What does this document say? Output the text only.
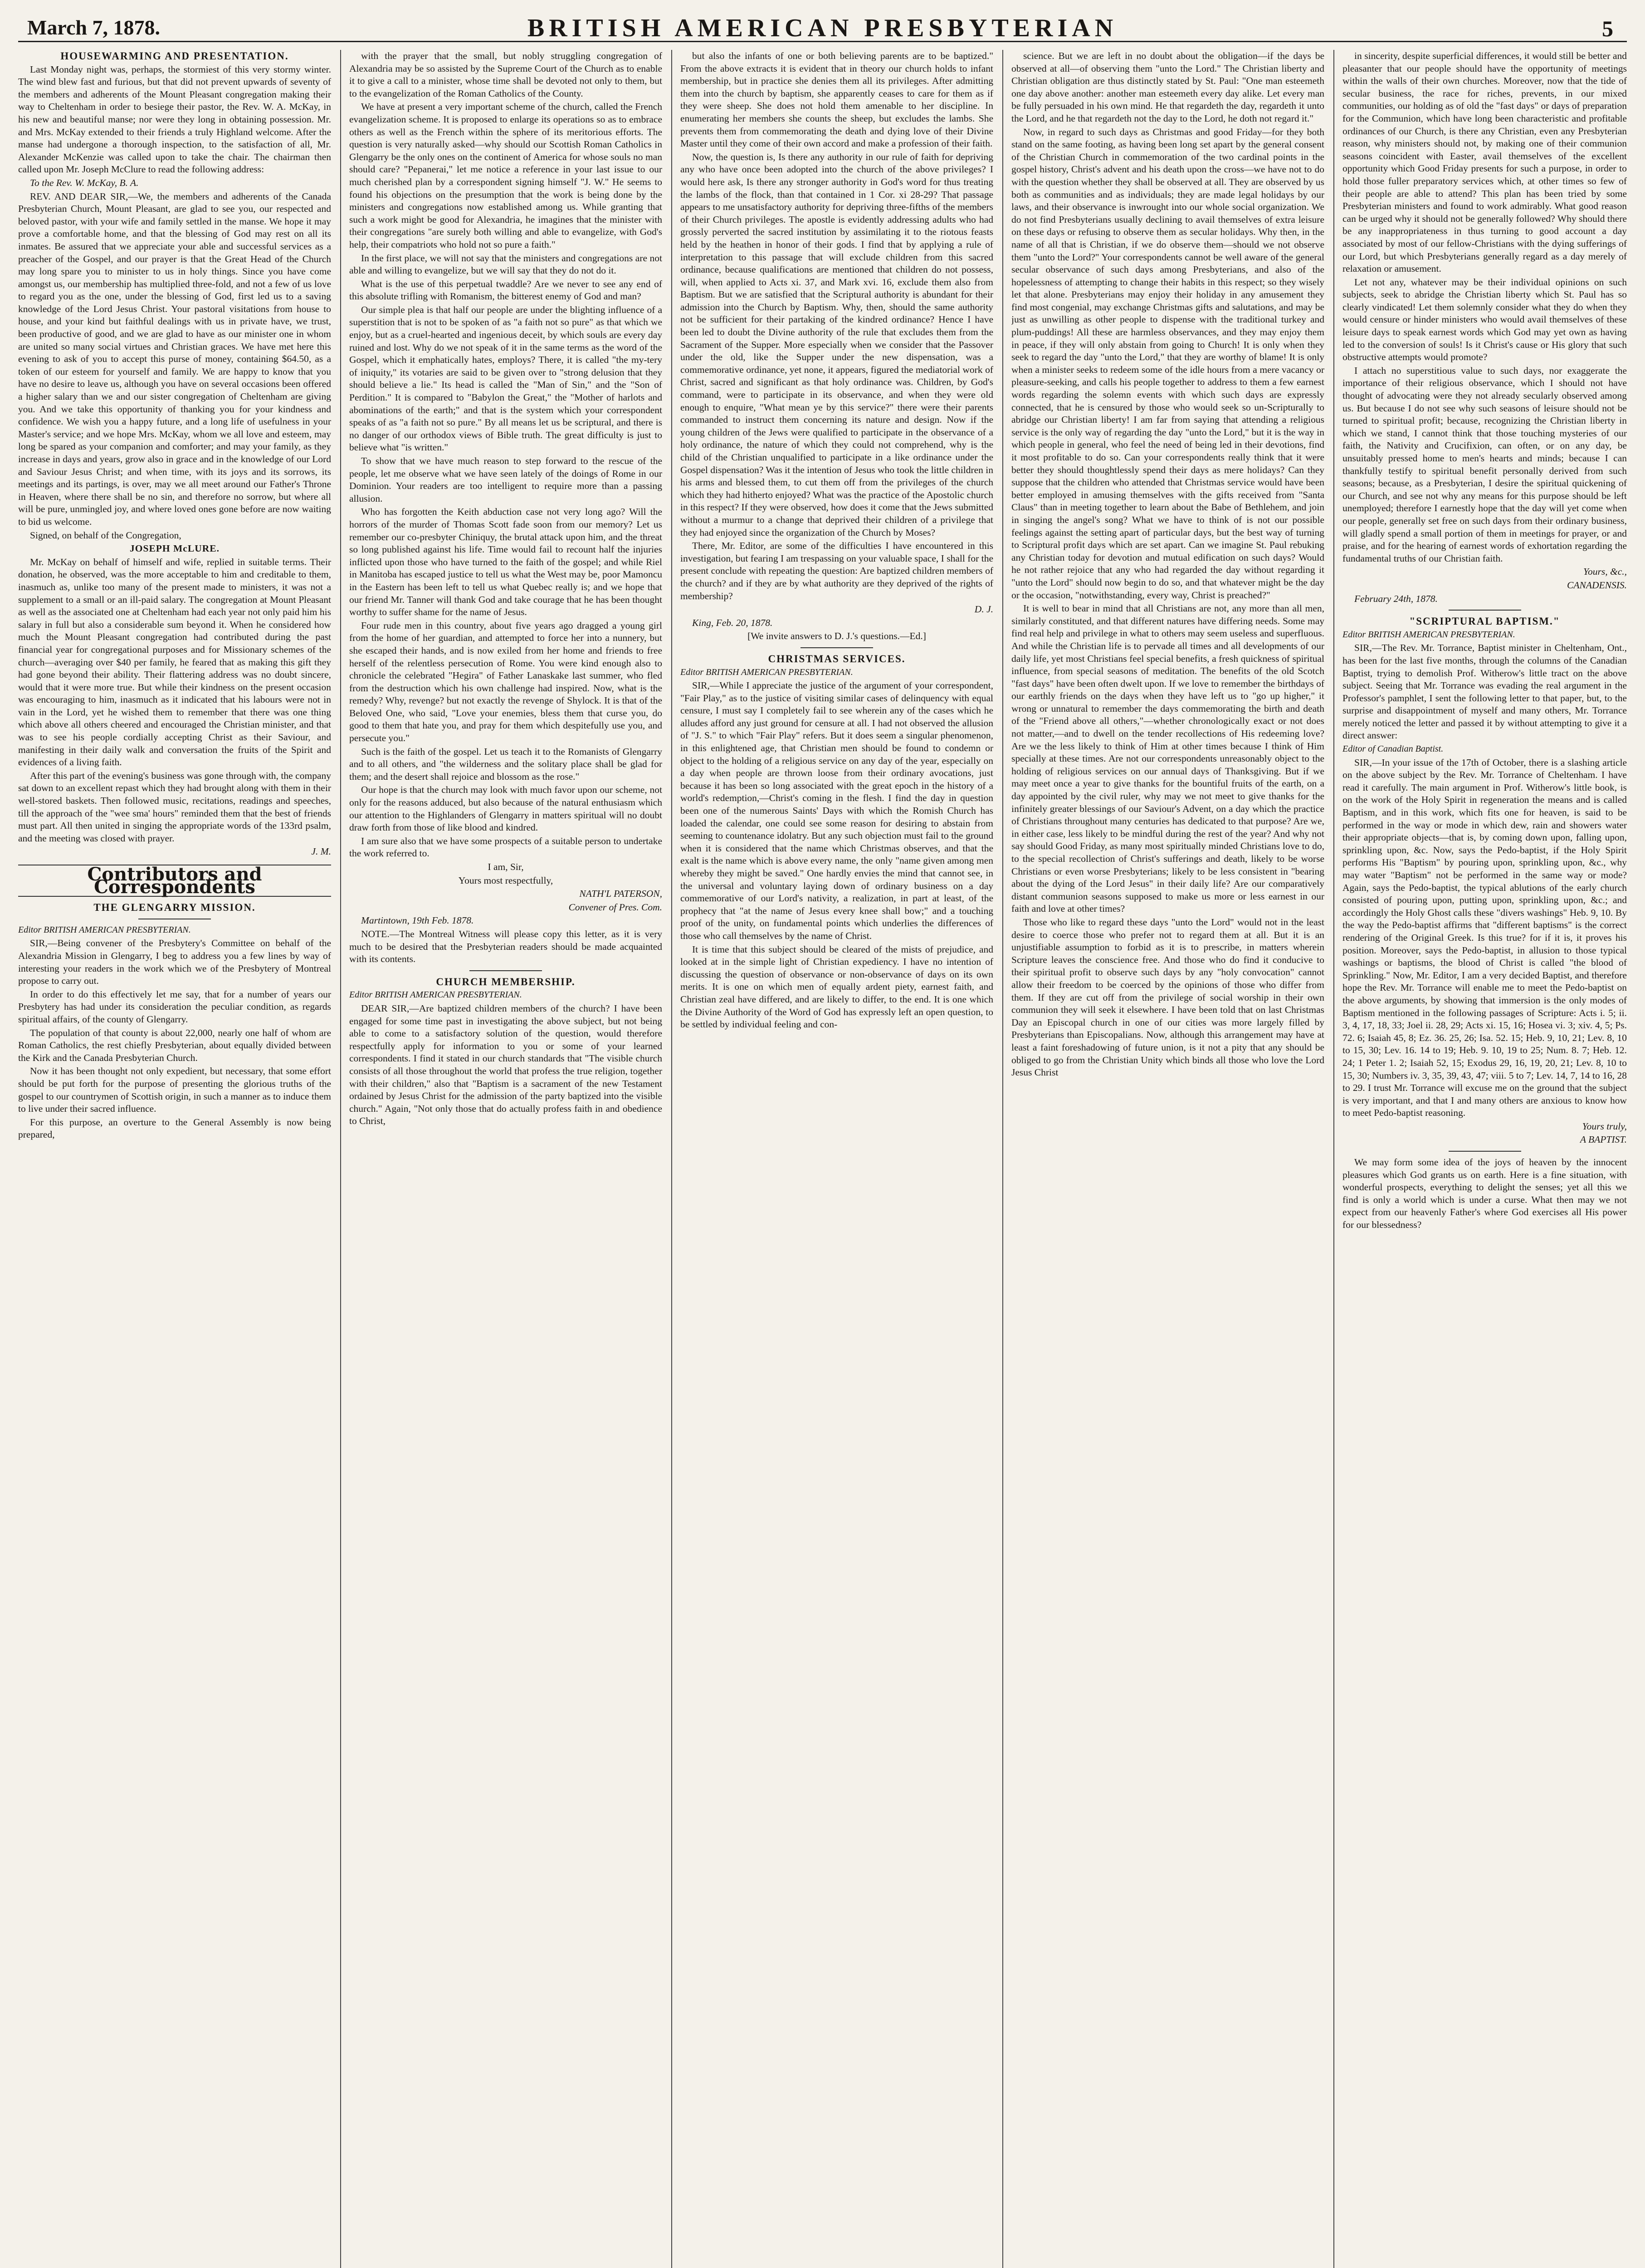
March 7, 1878.	BRITISH AMERICAN PRESBYTERIAN	5

HOUSEWARMING AND PRESENTATION.

Last Monday night was, perhaps, the stormiest of this very stormy winter. The wind blew fast and furious, but that did not prevent upwards of seventy of the members and adherents of the Mount Pleasant congregation making their way to Cheltenham in order to besiege their pastor, the Rev. W. A. McKay, in his new and beautiful manse; nor were they long in obtaining possession. Mr. and Mrs. McKay extended to their friends a truly Highland welcome. After the manse had undergone a thorough inspection, to the satisfaction of all, Mr. Alexander McKenzie was called upon to take the chair. The chairman then called upon Mr. Joseph McClure to read the following address:

To the Rev. W. McKay, B. A.

REV. AND DEAR SIR,—We, the members and adherents of the Canada Presbyterian Church, Mount Pleasant, are glad to see you, our respected and beloved pastor, with your wife and family settled in the manse. We hope it may prove a comfortable home, and that the blessing of God may rest on all its inmates. Be assured that we appreciate your able and successful services as a preacher of the Gospel, and our prayer is that the Great Head of the Church may long spare you to minister to us in holy things. Since you have come amongst us, our membership has multiplied three-fold, and not a few of us love to regard you as the one, under the blessing of God, first led us to a saving knowledge of the Lord Jesus Christ. Your pastoral visitations from house to house, and your kind but faithful dealings with us in private have, we trust, been productive of good, and we are glad to have as our minister one in whom are united so many social virtues and Christian graces. We have met here this evening to ask of you to accept this purse of money, containing $64.50, as a token of our esteem for yourself and family. We are happy to know that you have no desire to leave us, although you have on several occasions been offered a higher salary than we and our sister congregation of Cheltenham are giving you. And we take this opportunity of thanking you for your kindness and confidence. We wish you a happy future, and a long life of usefulness in your Master's service; and we hope Mrs. McKay, whom we all love and esteem, may long be spared as your companion and comforter; and may your family, as they increase in days and years, grow also in grace and in the knowledge of our Lord and Saviour Jesus Christ; and when time, with its joys and its sorrows, its meetings and its partings, is over, may we all meet around our Father's Throne in Heaven, where there shall be no sin, and therefore no sorrow, but where all will be pure, unmingled joy, and where loved ones gone before are now waiting to bid us welcome.

Signed, on behalf of the Congregation,

JOSEPH McLURE.

Mr. McKay on behalf of himself and wife, replied in suitable terms. Their donation, he observed, was the more acceptable to him and creditable to them, inasmuch as, unlike too many of the present made to ministers, it was not a supplement to a small or an ill-paid salary. The congregation at Mount Pleasant as well as the associated one at Cheltenham had each year not only paid him his salary in full but also a considerable sum beyond it. When he considered how much the Mount Pleasant congregation had contributed during the past financial year for congregational purposes and for Missionary schemes of the church—averaging over $40 per family, he feared that as making this gift they had gone beyond their ability. Their flattering address was no doubt sincere, would that it were more true. But while their kindness on the present occasion was encouraging to him, inasmuch as it indicated that his labours were not in vain in the Lord, yet he wished them to remember that there was one thing which above all others cheered and encouraged the Christian minister, and that was to see his people cordially accepting Christ as their Saviour, and manifesting in their daily walk and conversation the fruits of the Spirit and evidences of a living faith.

After this part of the evening's business was gone through with, the company sat down to an excellent repast which they had brought along with them in their well-stored baskets. Then followed music, recitations, readings and speeches, till the approach of the "wee sma' hours" reminded them that the best of friends must part. All then united in singing the appropriate words of the 133rd psalm, and the meeting was closed with prayer.

J. M.

Contributors and Correspondents

THE GLENGARRY MISSION.

Editor BRITISH AMERICAN PRESBYTERIAN.

SIR,—Being convener of the Presbytery's Committee on behalf of the Alexandria Mission in Glengarry, I beg to address you a few lines by way of interesting your readers in the work which we of the Presbytery of Montreal propose to carry out.

In order to do this effectively let me say, that for a number of years our Presbytery has had under its consideration the peculiar condition, as regards spiritual affairs, of the county of Glengarry.

The population of that county is about 22,000, nearly one half of whom are Roman Catholics, the rest chiefly Presbyterian, about equally divided between the Kirk and the Canada Presbyterian Church.

Now it has been thought not only expedient, but necessary, that some effort should be put forth for the purpose of presenting the glorious truths of the gospel to our countrymen of Scottish origin, in such a manner as to induce them to live under their sacred influence.

For this purpose, an overture to the General Assembly is now being prepared,

with the prayer that the small, but nobly struggling congregation of Alexandria may be so assisted by the Supreme Court of the Church as to enable it to give a call to a minister, whose time shall be devoted not only to them, but to the evangelization of the Roman Catholics of the County.

We have at present a very important scheme of the church, called the French evangelization scheme. It is proposed to enlarge its operations so as to embrace others as well as the French within the sphere of its meritorious efforts. The question is very naturally asked—why should our Scottish Roman Catholics in Glengarry be the only ones on the continent of America for whose souls no man should care? "Pepanerai," let me notice a reference in your last issue to our much cherished plan by a correspondent signing himself "J. W." He seems to found his objections on the presumption that the work is being done by the ministers and congregations now established among us. While granting that such a work might be good for Alexandria, he imagines that the minister with their congregations "are surely both willing and able to evangelize, with God's help, their compatriots who hold not so pure a faith."

In the first place, we will not say that the ministers and congregations are not able and willing to evangelize, but we will say that they do not do it.

What is the use of this perpetual twaddle? Are we never to see any end of this absolute trifling with Romanism, the bitterest enemy of God and man?

Our simple plea is that half our people are under the blighting influence of a superstition that is not to be spoken of as "a faith not so pure" as that which we enjoy, but as a cruel-hearted and ingenious deceit, by which souls are every day ruined and lost. Why do we not speak of it in the same terms as the word of the Gospel, which it emphatically hates, employs? There, it is called "the my-tery of iniquity," its votaries are said to be given over to "strong delusion that they should believe a lie." Its head is called the "Man of Sin," and the "Son of Perdition." It is compared to "Babylon the Great," the "Mother of harlots and abominations of the earth;" and that is the system which your correspondent speaks of as "a faith not so pure." By all means let us be scriptural, and there is no danger of our orthodox views of Bible truth. The great difficulty is just to believe what "is written."

To show that we have much reason to step forward to the rescue of the people, let me observe what we have seen lately of the doings of Rome in our Dominion. Your readers are too intelligent to require more than a passing allusion.

Who has forgotten the Keith abduction case not very long ago? Will the horrors of the murder of Thomas Scott fade soon from our memory? Let us remember our co-presbyter Chiniquy, the brutal attack upon him, and the threat so long published against his life. Time would fail to recount half the injuries inflicted upon those who have turned to the faith of the gospel; and while Riel in Manitoba has escaped justice to tell us what the West may be, poor Mamoncu in the Eastern has been left to tell us what Quebec really is; and we hope that our friend Mr. Tanner will thank God and take courage that he has been thought worthy to suffer shame for the name of Jesus.

Four rude men in this country, about five years ago dragged a young girl from the home of her guardian, and attempted to force her into a nunnery, but she escaped their hands, and is now exiled from her home and friends to free herself of the relentless persecution of Rome. You were kind enough also to chronicle the celebrated "Hegira" of Father Lanaskake last summer, who fled from the destruction which his own challenge had inspired. Now, what is the remedy? Why, revenge? but not exactly the revenge of Shylock. It is that of the Beloved One, who said, "Love your enemies, bless them that curse you, do good to them that hate you, and pray for them which despitefully use you, and persecute you."

Such is the faith of the gospel. Let us teach it to the Romanists of Glengarry and to all others, and "the wilderness and the solitary place shall be glad for them; and the desert shall rejoice and blossom as the rose."

Our hope is that the church may look with much favor upon our scheme, not only for the reasons adduced, but also because of the natural enthusiasm which our attention to the Highlanders of Glengarry in matters spiritual will no doubt draw forth from those of like blood and kindred.

I am sure also that we have some prospects of a suitable person to undertake the work referred to.

I am, Sir,

Yours most respectfully,

NATH'L PATERSON,

Convener of Pres. Com.

Martintown, 19th Feb. 1878.

NOTE.—The Montreal Witness will please copy this letter, as it is very much to be desired that the Presbyterian readers should be made acquainted with its contents.

CHURCH MEMBERSHIP.

Editor BRITISH AMERICAN PRESBYTERIAN.

DEAR SIR,—Are baptized children members of the church? I have been engaged for some time past in investigating the above subject, but not being able to come to a satisfactory solution of the question, would therefore respectfully apply for information to you or some of your learned correspondents. I find it stated in our church standards that "The visible church consists of all those throughout the world that profess the true religion, together with their children," also that "Baptism is a sacrament of the new Testament ordained by Jesus Christ for the admission of the party baptized into the visible church." Again, "Not only those that do actually profess faith in and obedience to Christ,

but also the infants of one or both believing parents are to be baptized." From the above extracts it is evident that in theory our church holds to infant membership, but in practice she denies them all its privileges. After admitting them into the church by baptism, she apparently ceases to care for them as if they were sheep. She does not hold them amenable to her discipline. In enumerating her members she counts the sheep, but excludes the lambs. She prevents them from commemorating the death and dying love of their Divine Master until they come of their own accord and make a profession of their faith.

Now, the question is, Is there any authority in our rule of faith for depriving any who have once been adopted into the church of the above privileges? I would here ask, Is there any stronger authority in God's word for thus treating the lambs of the flock, than that contained in 1 Cor. xi 28-29? That passage appears to me unsatisfactory authority for depriving three-fifths of the members of their Church privileges. The apostle is evidently addressing adults who had grossly perverted the sacred institution by assimilating it to the riotous feasts held by the heathen in honor of their gods. I find that by applying a rule of interpretation to this passage that will exclude children from this sacred ordinance, because qualifications are mentioned that children do not possess, will, when applied to Acts xi. 37, and Mark xvi. 16, exclude them also from Baptism. But we are satisfied that the Scriptural authority is abundant for their admission into the Church by Baptism. Why, then, should the same authority not be sufficient for their partaking of the kindred ordinance? Hence I have been led to doubt the Divine authority of the rule that excludes them from the Sacrament of the Supper. More especially when we consider that the Passover under the old, like the Supper under the new dispensation, was a commemorative ordinance, yet none, it appears, figured the mediatorial work of Christ, sacred and significant as that holy ordinance was. Children, by God's command, were to participate in its observance, and when they were old enough to enquire, "What mean ye by this service?" there were their parents commanded to instruct them concerning its nature and design. Now if the young children of the Jews were qualified to participate in the observance of a holy ordinance, the nature of which they could not comprehend, why is the child of the Christian unqualified to participate in a like ordinance under the Gospel dispensation? Was it the intention of Jesus who took the little children in his arms and blessed them, to cut them off from the privileges of the church which they had hitherto enjoyed? What was the practice of the Apostolic church in this respect? If they were observed, how does it come that the Jews submitted without a murmur to a change that deprived their children of a privilege that they had enjoyed since the organization of the Church by Moses?

There, Mr. Editor, are some of the difficulties I have encountered in this investigation, but fearing I am trespassing on your valuable space, I shall for the present conclude with repeating the question: Are baptized children members of the church? and if they are by what authority are they deprived of the rights of membership?

D. J.

King, Feb. 20, 1878.

[We invite answers to D. J.'s questions.—Ed.]

CHRISTMAS SERVICES.

Editor BRITISH AMERICAN PRESBYTERIAN.

SIR,—While I appreciate the justice of the argument of your correspondent, "Fair Play," as to the justice of visiting similar cases of delinquency with equal censure, I must say I completely fail to see wherein any of the cases which he alludes afford any just ground for censure at all. I had not observed the allusion of "J. S." to which "Fair Play" refers. But it does seem a singular phenomenon, in this enlightened age, that Christian men should be found to condemn or object to the holding of a religious service on any day of the year, especially on a day when people are thrown loose from their ordinary avocations, just because it has been so long associated with the great epoch in the history of a world's redemption,—Christ's coming in the flesh. I find the day in question been one of the numerous Saints' Days with which the Romish Church has loaded the calendar, one could see some reason for desiring to abstain from seeming to countenance idolatry. But any such objection must fail to the ground when it is considered that the name which Christmas observes, and that the exalt is the name which is above every name, the only "name given among men whereby they might be saved." One hardly envies the mind that cannot see, in the universal and voluntary laying down of ordinary business on a day commemorative of our Lord's nativity, a realization, in part at least, of the prophecy that "at the name of Jesus every knee shall bow;" and a touching proof of the unity, on fundamental points which underlies the differences of those who call themselves by the name of Christ.

It is time that this subject should be cleared of the mists of prejudice, and looked at in the simple light of Christian expediency. I have no intention of discussing the question of observance or non-observance of days on its own merits. It is one on which men of equally ardent piety, earnest faith, and Christian zeal have differed, and are likely to differ, to the end. It is one which the Divine Authority of the Word of God has expressly left an open question, to be settled by individual feeling and con-

science. But we are left in no doubt about the obligation—if the days be observed at all—of observing them "unto the Lord." The Christian liberty and Christian obligation are thus distinctly stated by St. Paul: "One man esteemeth one day above another: another man esteemeth every day alike. Let every man be fully persuaded in his own mind. He that regardeth the day, regardeth it unto the Lord, and he that regardeth not the day to the Lord, he doth not regard it."

Now, in regard to such days as Christmas and good Friday—for they both stand on the same footing, as having been long set apart by the general consent of the Christian Church in commemoration of the two cardinal points in the gospel history, Christ's advent and his death upon the cross—we have not to do with the question whether they shall be observed at all. They are observed by us both as communities and as individuals; they are made legal holidays by our laws, and their observance is inwrought into our whole social organization. We do not find Presbyterians usually declining to avail themselves of extra leisure on these days or refusing to observe them as secular holidays. Why then, in the name of all that is Christian, if we do observe them—should we not observe them "unto the Lord?" Your correspondents cannot be well aware of the general secular observance of such days among Presbyterians, and also of the hopelessness of attempting to change their habits in this respect; so they wisely let that alone. Presbyterians may enjoy their holiday in any amusement they find most congenial, may exchange Christmas gifts and salutations, and may be just as unwilling as other people to dispense with the traditional turkey and plum-puddings! All these are harmless observances, and they may enjoy them in peace, if they will only abstain from going to Church! It is only when they seek to regard the day "unto the Lord," that they are worthy of blame! It is only when a minister seeks to redeem some of the idle hours from a mere vacancy or pleasure-seeking, and calls his people together to address to them a few earnest words regarding the solemn events with which such days are expressly connected, that he is censured by those who would seek so un-Scripturally to abridge our Christian liberty! I am far from saying that attending a religious service is the only way of regarding the day "unto the Lord," but it is the way in which people in general, who feel the need of being led in their devotions, find it most profitable to do so. Can your correspondents really think that it were better they should thoughtlessly spend their days as mere holidays? Can they suppose that the children who attended that Christmas service would have been better employed in amusing themselves with the gifts received from "Santa Claus" than in meeting together to learn about the Babe of Bethlehem, and join in singing the angel's song? What we have to think of is not our possible feelings against the setting apart of particular days, but the best way of turning to Scriptural profit days which are set apart. Can we imagine St. Paul rebuking any Christian today for devotion and mutual edification on such days? Would he not rather rejoice that any who had regarded the day without regarding it "unto the Lord" should now begin to do so, and that whatever might be the day or the occasion, "notwithstanding, every way, Christ is preached?"

It is well to bear in mind that all Christians are not, any more than all men, similarly constituted, and that different natures have differing needs. Some may find real help and privilege in what to others may seem useless and superfluous. And while the Christian life is to pervade all times and all developments of our daily life, yet most Christians feel special benefits, a fresh quickness of spiritual influence, from special seasons of meditation. The benefits of the old Scotch "fast days" have been often dwelt upon. If we love to remember the birthdays of our earthly friends on the days when they have left us to "go up higher," it wrong or unnatural to remember the days commemorating the birth and death of the "Friend above all others,"—whether chronologically exact or not does not matter,—and to dwell on the tender recollections of His redeeming love? Are we the less likely to think of Him at other times because I think of Him specially at these times. Are not our correspondents unreasonably object to the holding of religious services on our annual days of Thanksgiving. But if we may meet once a year to give thanks for the bountiful fruits of the earth, on a day appointed by the civil ruler, why may we not meet to give thanks for the infinitely greater blessings of our Saviour's Advent, on a day which the practice of Christians throughout many centuries has dedicated to that purpose? Are we, in either case, less likely to be mindful during the rest of the year? And why not say should Good Friday, as many most spiritually minded Christians love to do, to the special recollection of Christ's sufferings and death, likely to be worse Christians or even worse Presbyterians; likely to be less consistent in "bearing about the dying of the Lord Jesus" in their daily life? Are our comparatively distant communion seasons supposed to make us more or less earnest in our faith and love at other times?

Those who like to regard these days "unto the Lord" would not in the least desire to coerce those who prefer not to regard them at all. But it is an unjustifiable assumption to forbid as it is to prescribe, in matters wherein Scripture leaves the conscience free. And those who do find it conducive to their spiritual profit to observe such days by any "holy convocation" cannot allow their freedom to be coerced by the opinions of those who differ from them. If they are cut off from the privilege of social worship in their own communion they will seek it elsewhere. I have been told that on last Christmas Day an Episcopal church in one of our cities was more largely filled by Presbyterians than Episcopalians. Now, although this arrangement may have at least a faint foreshadowing of future union, is it not a pity that any should be obliged to go from the Christian Unity which binds all those who love the Lord Jesus Christ

in sincerity, despite superficial differences, it would still be better and pleasanter that our people should have the opportunity of meetings within the walls of their own churches. Moreover, now that the tide of secular business, the race for riches, prevents, in our mixed communities, our holding as of old the "fast days" or days of preparation for the Communion, which have long been characteristic and profitable ordinances of our Church, is there any Christian, even any Presbyterian reason, why ministers should not, by making one of their communion seasons coincident with Easter, avail themselves of the excellent opportunity which Good Friday presents for such a purpose, in order to hold those fuller preparatory services which, at other times so few of their people are able to attend? This plan has been tried by some Presbyterian ministers and found to work admirably. What good reason can be urged why it should not be generally followed? Why should there be any inappropriateness in thus turning to good account a day associated by most of our fellow-Christians with the dying sufferings of our Lord, but which Presbyterians generally regard as a day merely of relaxation or amusement.

Let not any, whatever may be their individual opinions on such subjects, seek to abridge the Christian liberty which St. Paul has so clearly vindicated! Let them solemnly consider what they do when they would censure or hinder ministers who would avail themselves of these leisure days to speak earnest words which God may yet own as having led to the conversion of souls! Is it Christ's cause or His glory that such obstructive attempts would promote?

I attach no superstitious value to such days, nor exaggerate the importance of their religious observance, which I should not have thought of advocating were they not already secularly observed among us. But because I do not see why such seasons of leisure should not be turned to spiritual profit; because, recognizing the Christian liberty in which we stand, I cannot think that those touching mysteries of our faith, the Nativity and Crucifixion, can often, or on any day, be unsuitably pressed home to men's hearts and minds; because I can thankfully testify to spiritual benefit personally derived from such seasons; because, as a Presbyterian, I desire the spiritual quickening of our Church, and see not why any means for this purpose should be left unemployed; therefore I earnestly hope that the day will yet come when our people, generally set free on such days from their ordinary business, will gladly spend a small portion of them in meetings for prayer, or and praise, and for the hearing of earnest words of exhortation regarding the fundamental truths of our Christian faith.

Yours, &c.,

CANADENSIS.

February 24th, 1878.

"SCRIPTURAL BAPTISM."

Editor BRITISH AMERICAN PRESBYTERIAN.

SIR,—The Rev. Mr. Torrance, Baptist minister in Cheltenham, Ont., has been for the last five months, through the columns of the Canadian Baptist, trying to demolish Prof. Witherow's little tract on the above subject. Seeing that Mr. Torrance was evading the real argument in the Professor's pamphlet, I sent the following letter to that paper, but, to the surprise and disappointment of myself and many others, Mr. Torrance merely noticed the letter and passed it by without attempting to give it a direct answer:

Editor of Canadian Baptist.

SIR,—In your issue of the 17th of October, there is a slashing article on the above subject by the Rev. Mr. Torrance of Cheltenham. I have read it carefully. The main argument in Prof. Witherow's little book, is on the work of the Holy Spirit in regeneration the means and is called Baptism, and in this work, which fits one for heaven, is said to be performed in the way or mode in which dew, rain and showers water their appropriate objects—that is, by coming down upon, falling upon, sprinkling upon, &c. Now, says the Pedo-baptist, if the Holy Spirit performs His "Baptism" by pouring upon, sprinkling upon, &c., why may water "Baptism" not be performed in the same way or mode? Again, says the Pedo-baptist, the typical ablutions of the early church consisted of pouring upon, putting upon, sprinkling upon, &c.; and accordingly the Holy Ghost calls these "divers washings" Heb. 9, 10. By the way the Pedo-baptist affirms that "different baptisms" is the correct rendering of the Original Greek. Is this true? for if it is, it proves his position. Moreover, says the Pedo-baptist, in allusion to those typical washings or baptisms, the blood of Christ is called "the blood of Sprinkling." Now, Mr. Editor, I am a very decided Baptist, and therefore hope the Rev. Mr. Torrance will enable me to meet the Pedo-baptist on the above arguments, by showing that immersion is the only modes of Baptism mentioned in the following passages of Scripture: Acts i. 5; ii. 3, 4, 17, 18, 33; Joel ii. 28, 29; Acts xi. 15, 16; Hosea vi. 3; xiv. 4, 5; Ps. 72. 6; Isaiah 45, 8; Ez. 36. 25, 26; Isa. 52. 15; Heb. 9, 10, 21; Lev. 8, 10 to 15, 30; Lev. 16. 14 to 19; Heb. 9. 10, 19 to 25; Num. 8. 7; Heb. 12. 24; 1 Peter 1. 2; Isaiah 52, 15; Exodus 29, 16, 19, 20, 21; Lev. 8, 10 to 15, 30; Numbers iv. 3, 35, 39, 43, 47; viii. 5 to 7; Lev. 14, 7, 14 to 16, 28 to 29. I trust Mr. Torrance will excuse me on the ground that the subject is very important, and that I and many others are anxious to know how to meet Pedo-baptist reasoning.

Yours truly,

A BAPTIST.

We may form some idea of the joys of heaven by the innocent pleasures which God grants us on earth. Here is a fine situation, with wonderful prospects, everything to delight the senses; yet all this we find is only a world which is under a curse. What then may we not expect from our heavenly Father's where God exercises all His power for our blessedness?
